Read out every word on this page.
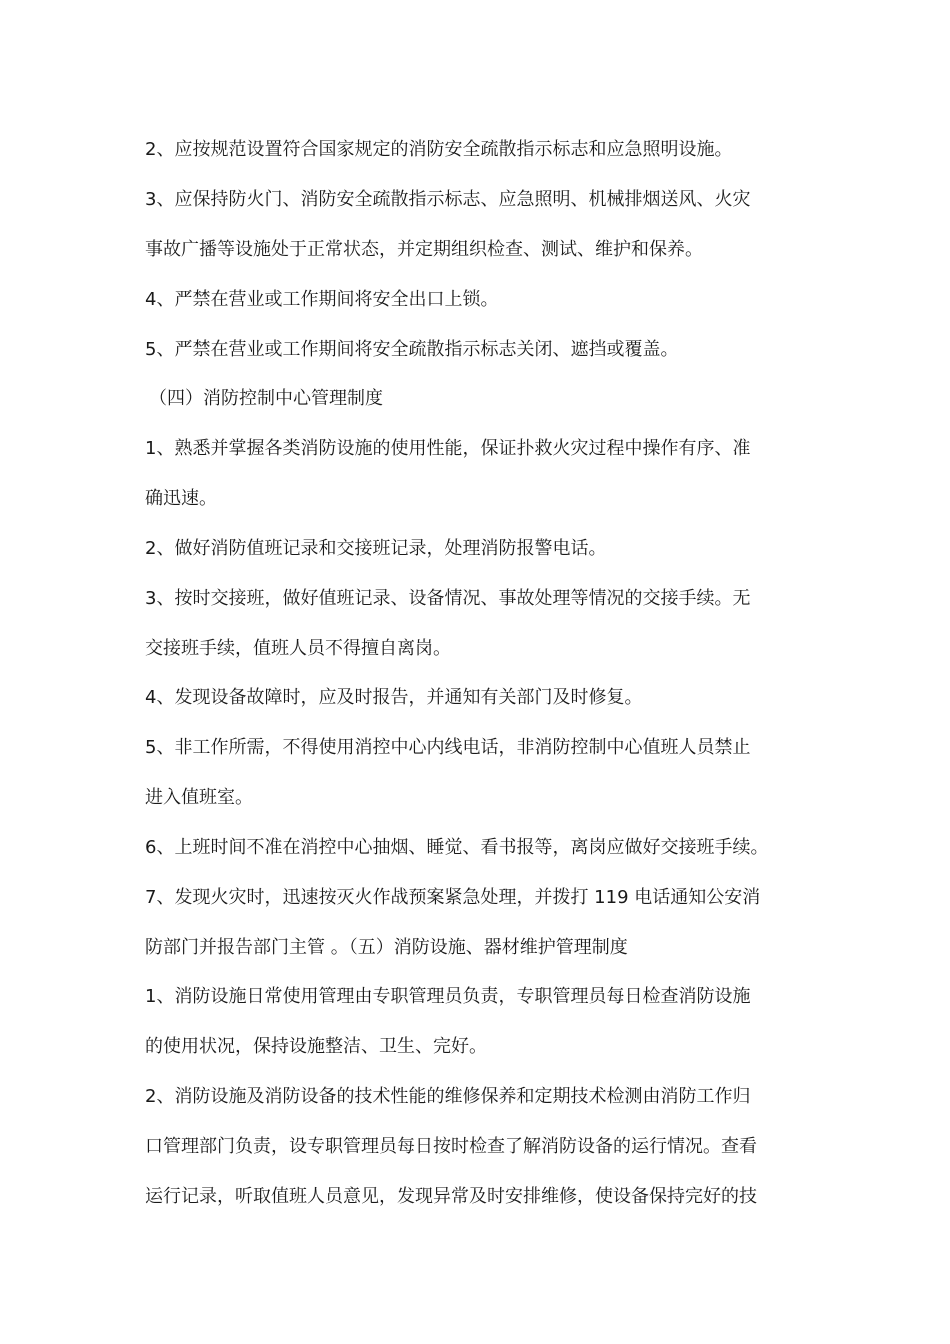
2、应按规范设置符合国家规定的消防安全疏散指示标志和应急照明设施。
3、应保持防火门、消防安全疏散指示标志、应急照明、机械排烟送风、火灾
事故广播等设施处于正常状态，并定期组织检查、测试、维护和保养。
4、严禁在营业或工作期间将安全出口上锁。
5、严禁在营业或工作期间将安全疏散指示标志关闭、遮挡或覆盖。
（四）消防控制中心管理制度
1、熟悉并掌握各类消防设施的使用性能，保证扑救火灾过程中操作有序、准
确迅速。
2、做好消防值班记录和交接班记录，处理消防报警电话。
3、按时交接班，做好值班记录、设备情况、事故处理等情况的交接手续。无
交接班手续，值班人员不得擅自离岗。
4、发现设备故障时，应及时报告，并通知有关部门及时修复。
5、非工作所需，不得使用消控中心内线电话，非消防控制中心值班人员禁止
进入值班室。
6、上班时间不准在消控中心抽烟、睡觉、看书报等，离岗应做好交接班手续。
7、发现火灾时，迅速按灭火作战预案紧急处理，并拨打 119 电话通知公安消
防部门并报告部门主管 。（五）消防设施、器材维护管理制度
1、消防设施日常使用管理由专职管理员负责，专职管理员每日检查消防设施
的使用状况，保持设施整洁、卫生、完好。
2、消防设施及消防设备的技术性能的维修保养和定期技术检测由消防工作归
口管理部门负责，设专职管理员每日按时检查了解消防设备的运行情况。查看
运行记录，听取值班人员意见，发现异常及时安排维修，使设备保持完好的技
